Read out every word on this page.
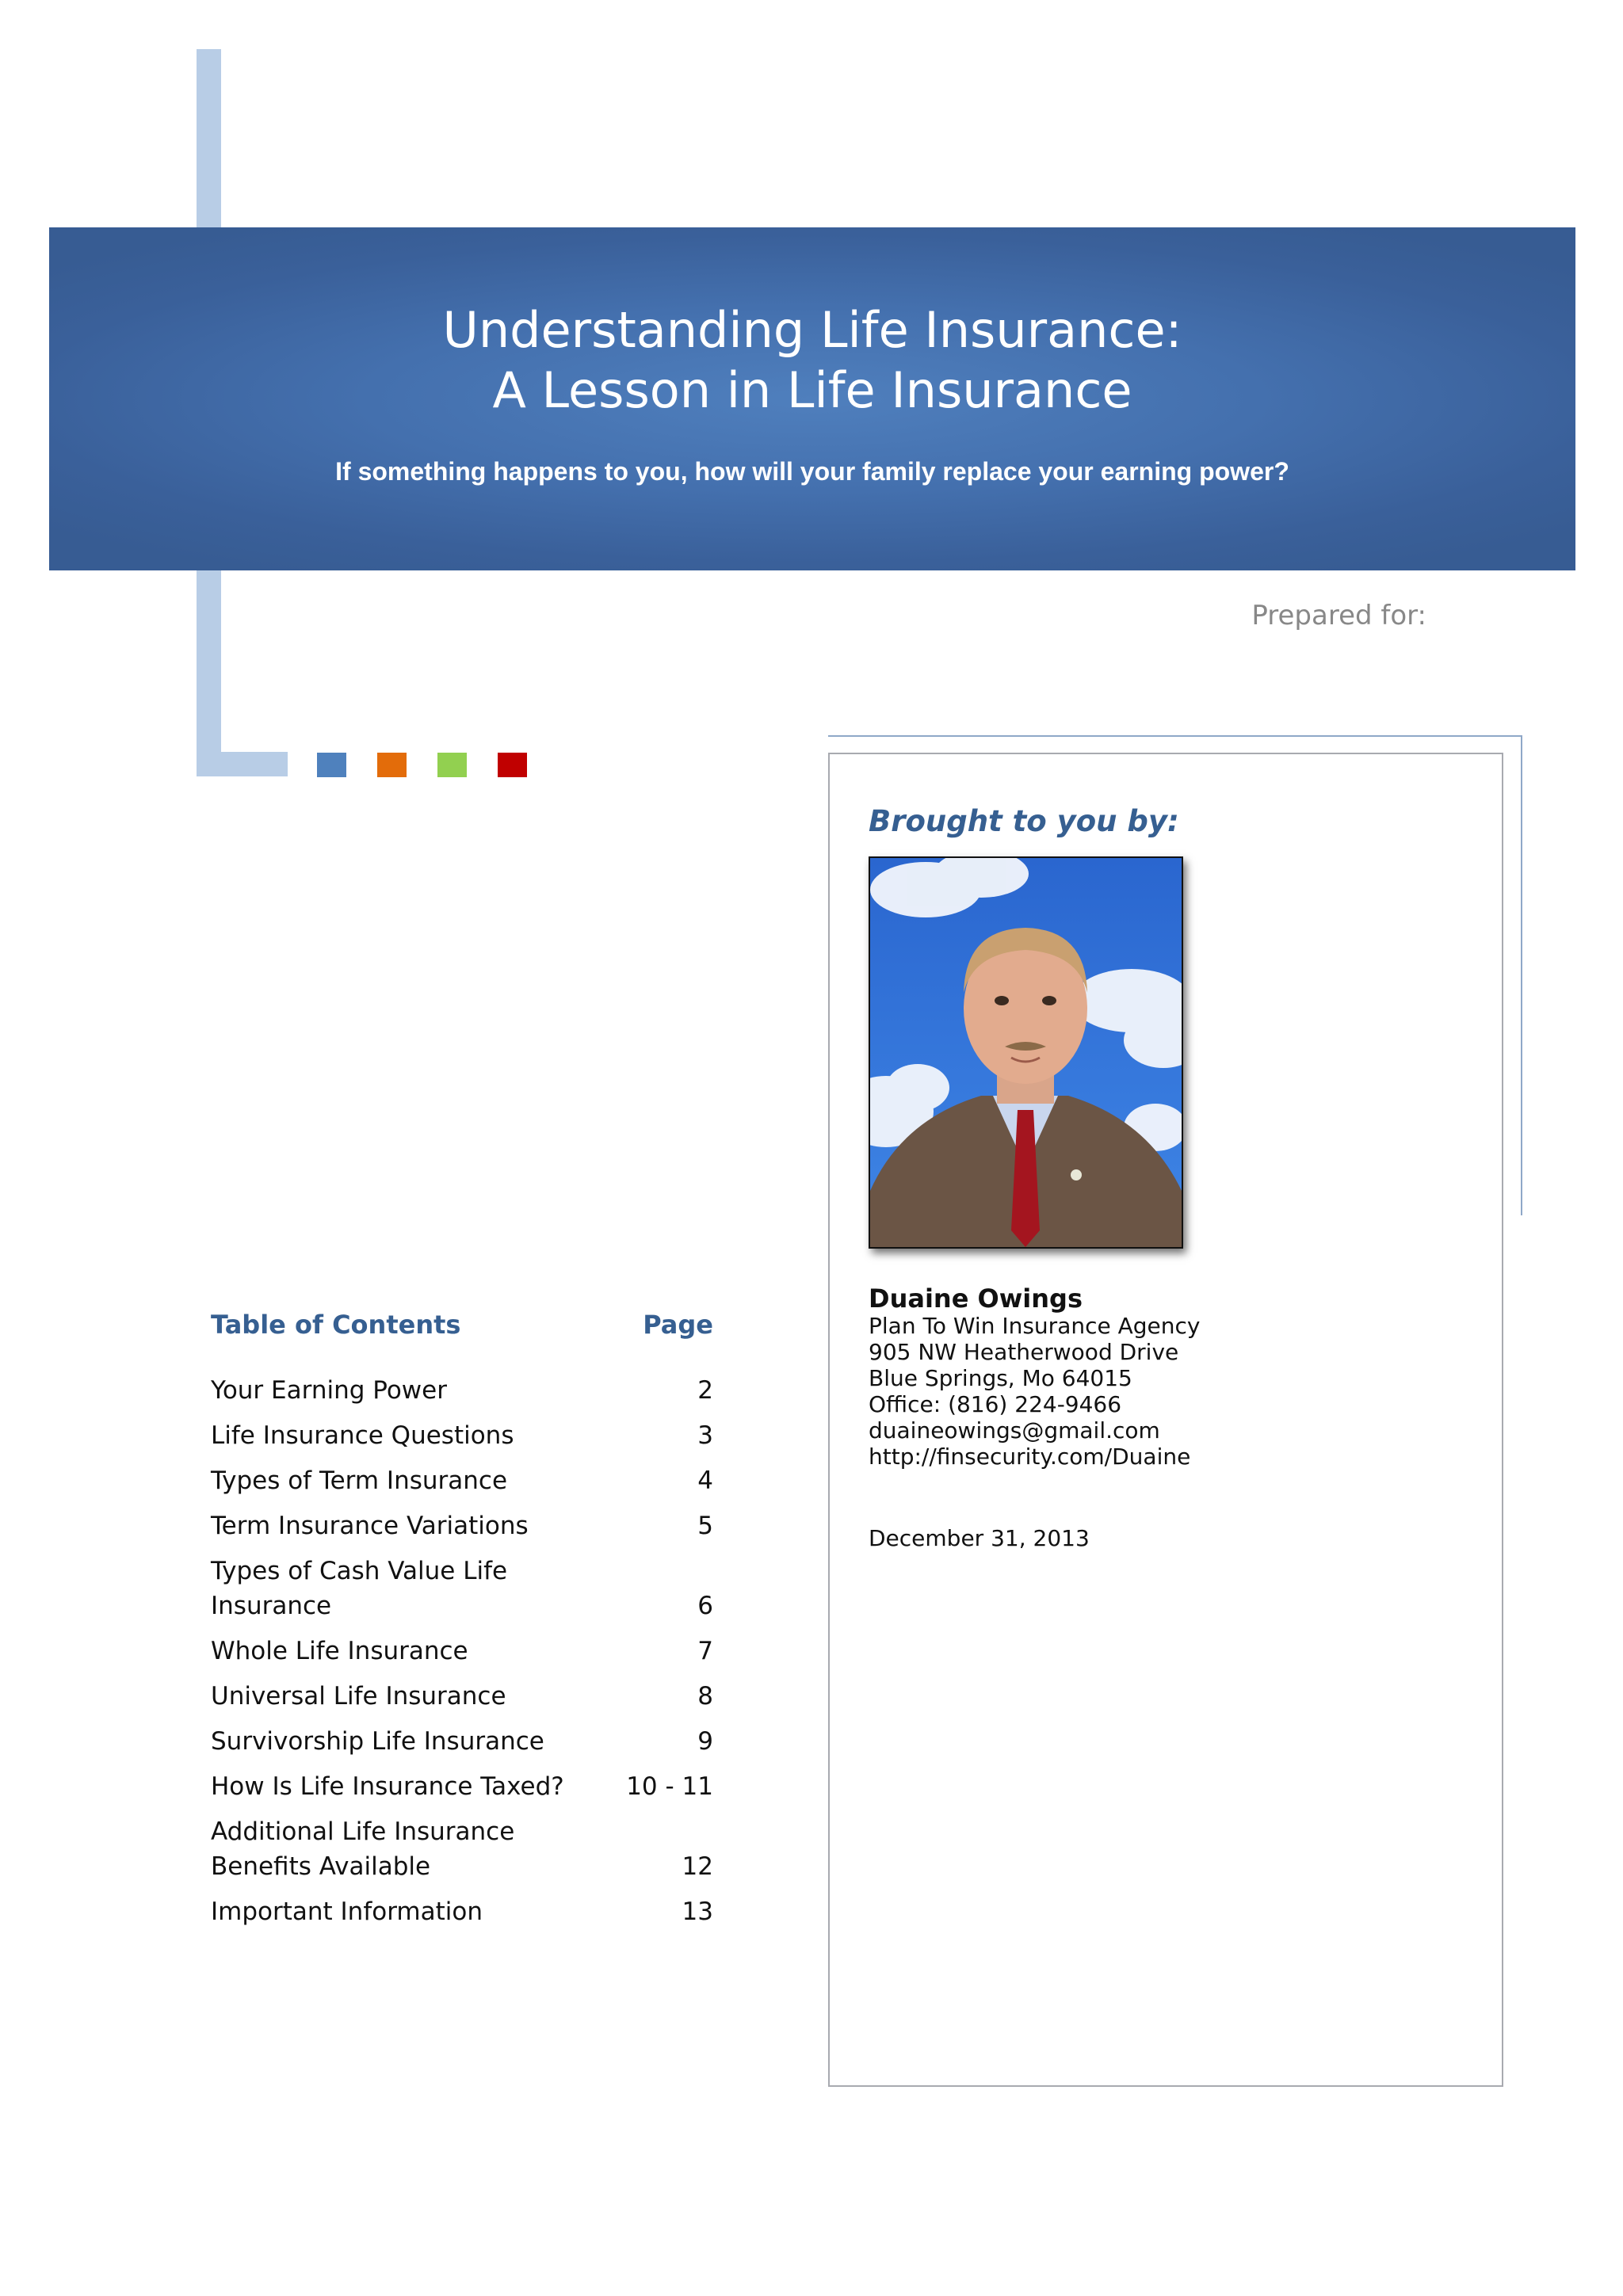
Understanding Life Insurance:
A Lesson in Life Insurance
If something happens to you, how will your family replace your earning power?
Prepared for:
Brought to you by:
Duaine Owings
Plan To Win Insurance Agency
905 NW Heatherwood Drive
Blue Springs, Mo 64015
Office: (816) 224-9466
duaineowings@gmail.com
http://finsecurity.com/Duaine
December 31, 2013
Table of Contents	Page
Your Earning Power	2
Life Insurance Questions	3
Types of Term Insurance	4
Term Insurance Variations	5
Types of Cash Value Life Insurance	6
Whole Life Insurance	7
Universal Life Insurance	8
Survivorship Life Insurance	9
How Is Life Insurance Taxed?	10 - 11
Additional Life Insurance Benefits Available	12
Important Information	13
